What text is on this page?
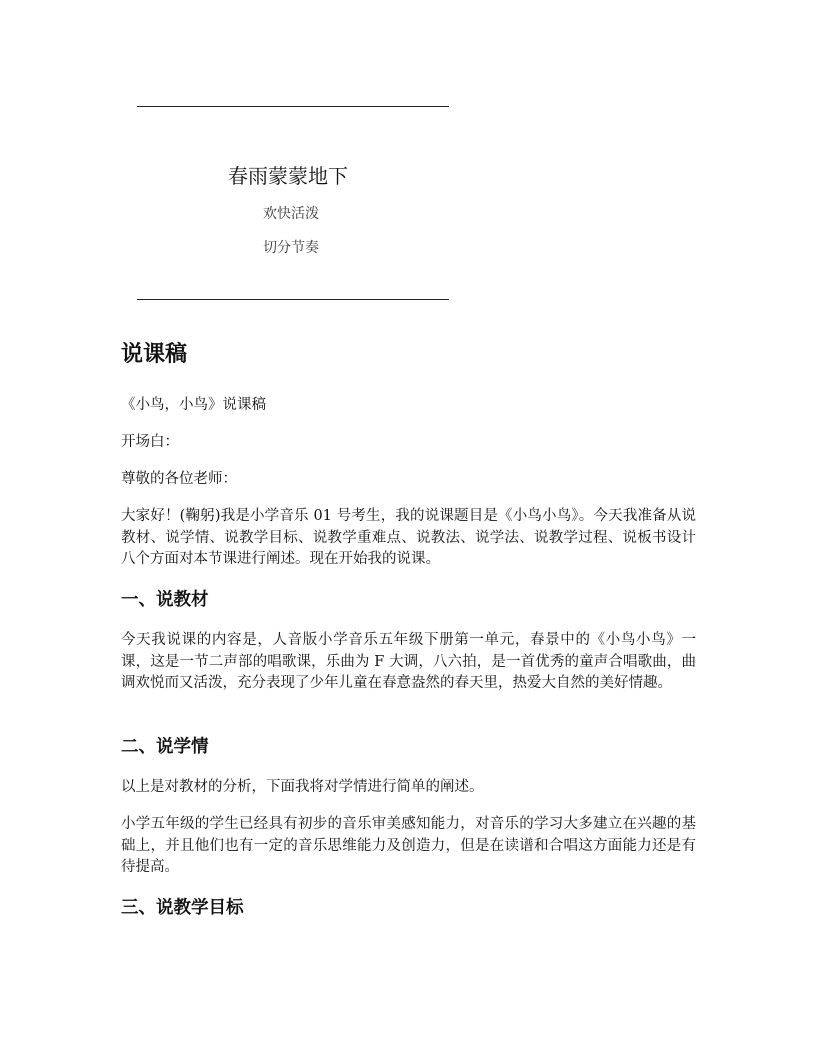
春雨蒙蒙地下
欢快活泼
切分节奏
说课稿
《小鸟，小鸟》说课稿
开场白：
尊敬的各位老师：
大家好！(鞠躬)我是小学音乐 01 号考生，我的说课题目是《小鸟小鸟》。今天我准备从说教材、说学情、说教学目标、说教学重难点、说教法、说学法、说教学过程、说板书设计八个方面对本节课进行阐述。现在开始我的说课。
一、说教材
今天我说课的内容是，人音版小学音乐五年级下册第一单元，春景中的《小鸟小鸟》一课，这是一节二声部的唱歌课，乐曲为 F 大调，八六拍，是一首优秀的童声合唱歌曲，曲调欢悦而又活泼，充分表现了少年儿童在春意盎然的春天里，热爱大自然的美好情趣。
二、说学情
以上是对教材的分析，下面我将对学情进行简单的阐述。
小学五年级的学生已经具有初步的音乐审美感知能力，对音乐的学习大多建立在兴趣的基础上，并且他们也有一定的音乐思维能力及创造力，但是在读谱和合唱这方面能力还是有待提高。
三、说教学目标
